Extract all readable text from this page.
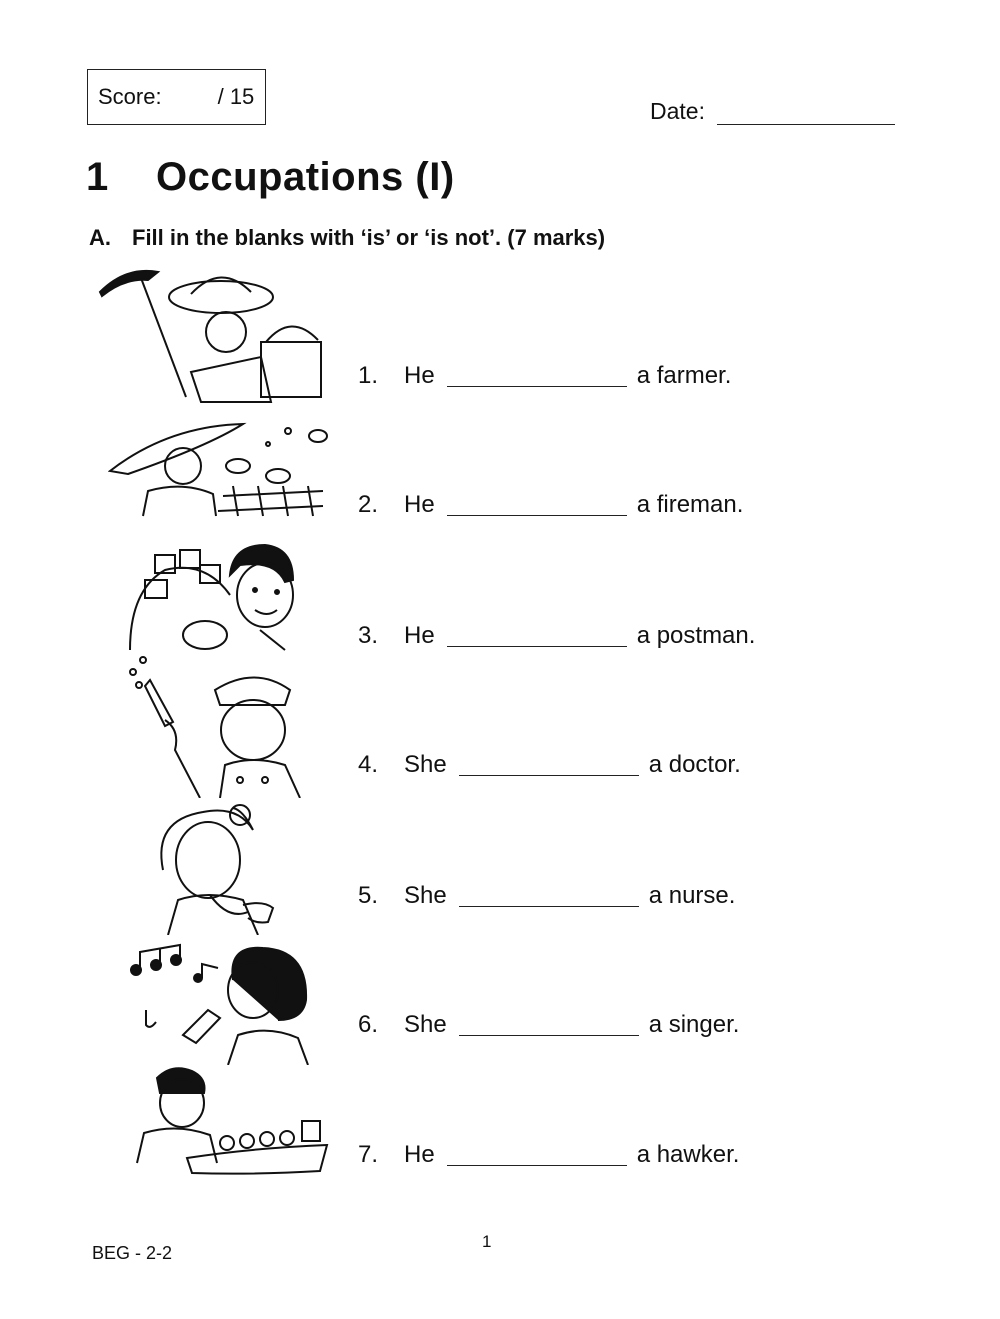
Score:	/ 15
Date:
1 Occupations (I)
A. Fill in the blanks with ‘is’ or ‘is not’. (7 marks)
1.	He	a farmer.
2.	He	a fireman.
3.	He	a postman.
4.	She	a doctor.
5.	She	a nurse.
6.	She	a singer.
7.	He	a hawker.
1
BEG - 2-2
